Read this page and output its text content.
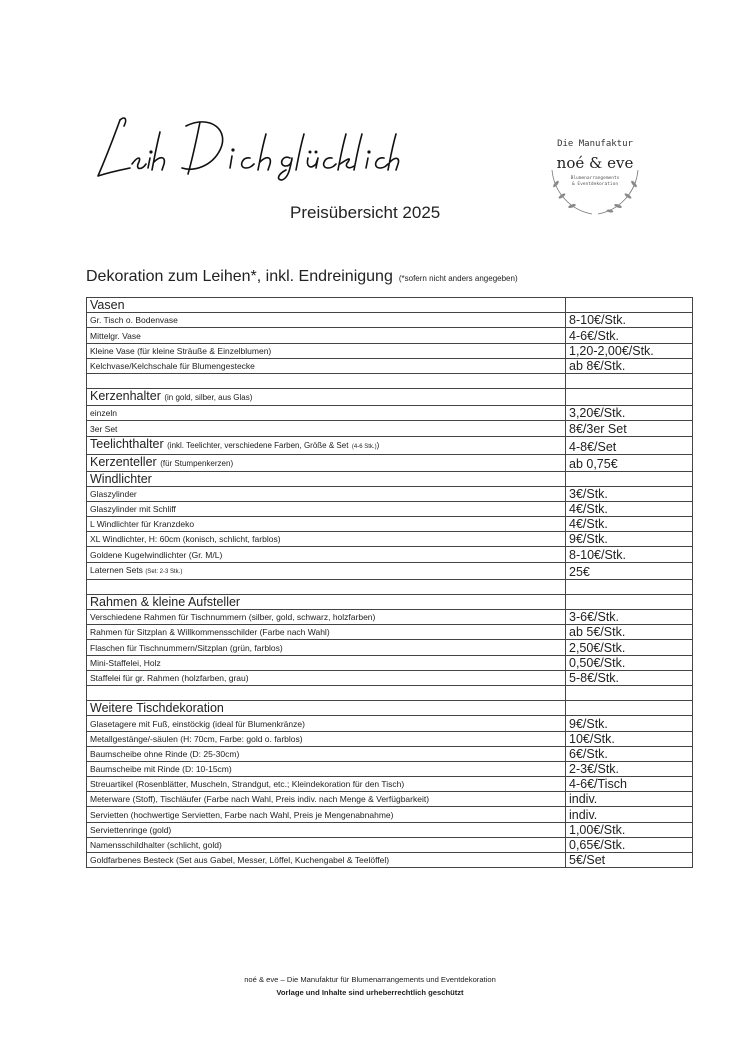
Die Manufaktur
noé & eve
Blumenarrangements
& Eventdekoration
Preisübersicht 2025
Dekoration zum Leihen*, inkl. Endreinigung (*sofern nicht anders angegeben)
Vasen	
Gr. Tisch o. Bodenvase	8-10€/Stk.
Mittelgr. Vase	4-6€/Stk.
Kleine Vase (für kleine Sträuße & Einzelblumen)	1,20-2,00€/Stk.
Kelchvase/Kelchschale für Blumengestecke	ab 8€/Stk.

Kerzenhalter (in gold, silber, aus Glas)	
einzeln	3,20€/Stk.
3er Set	8€/3er Set
Teelichthalter (inkl. Teelichter, verschiedene Farben, Größe & Set (4-6 Stk.))	4-8€/Set
Kerzenteller (für Stumpenkerzen)	ab 0,75€
Windlichter	
Glaszylinder	3€/Stk.
Glaszylinder mit Schliff	4€/Stk.
L Windlichter für Kranzdeko	4€/Stk.
XL Windlichter, H: 60cm (konisch, schlicht, farblos)	9€/Stk.
Goldene Kugelwindlichter (Gr. M/L)	8-10€/Stk.
Laternen Sets (Set: 2-3 Stk.)	25€

Rahmen & kleine Aufsteller	
Verschiedene Rahmen für Tischnummern (silber, gold, schwarz, holzfarben)	3-6€/Stk.
Rahmen für Sitzplan & Willkommensschilder (Farbe nach Wahl)	ab 5€/Stk.
Flaschen für Tischnummern/Sitzplan (grün, farblos)	2,50€/Stk.
Mini-Staffelei, Holz	0,50€/Stk.
Staffelei für gr. Rahmen (holzfarben, grau)	5-8€/Stk.

Weitere Tischdekoration	
Glasetagere mit Fuß, einstöckig (ideal für Blumenkränze)	9€/Stk.
Metallgestänge/-säulen (H: 70cm, Farbe: gold o. farblos)	10€/Stk.
Baumscheibe ohne Rinde (D: 25-30cm)	6€/Stk.
Baumscheibe mit Rinde (D: 10-15cm)	2-3€/Stk.
Streuartikel (Rosenblätter, Muscheln, Strandgut, etc.; Kleindekoration für den Tisch)	4-6€/Tisch
Meterware (Stoff), Tischläufer (Farbe nach Wahl, Preis indiv. nach Menge & Verfügbarkeit)	indiv.
Servietten (hochwertige Servietten, Farbe nach Wahl, Preis je Mengenabnahme)	indiv.
Serviettenringe (gold)	1,00€/Stk.
Namensschildhalter (schlicht, gold)	0,65€/Stk.
Goldfarbenes Besteck (Set aus Gabel, Messer, Löffel, Kuchengabel & Teelöffel)	5€/Set
noé & eve – Die Manufaktur für Blumenarrangements und Eventdekoration
Vorlage und Inhalte sind urheberrechtlich geschützt
